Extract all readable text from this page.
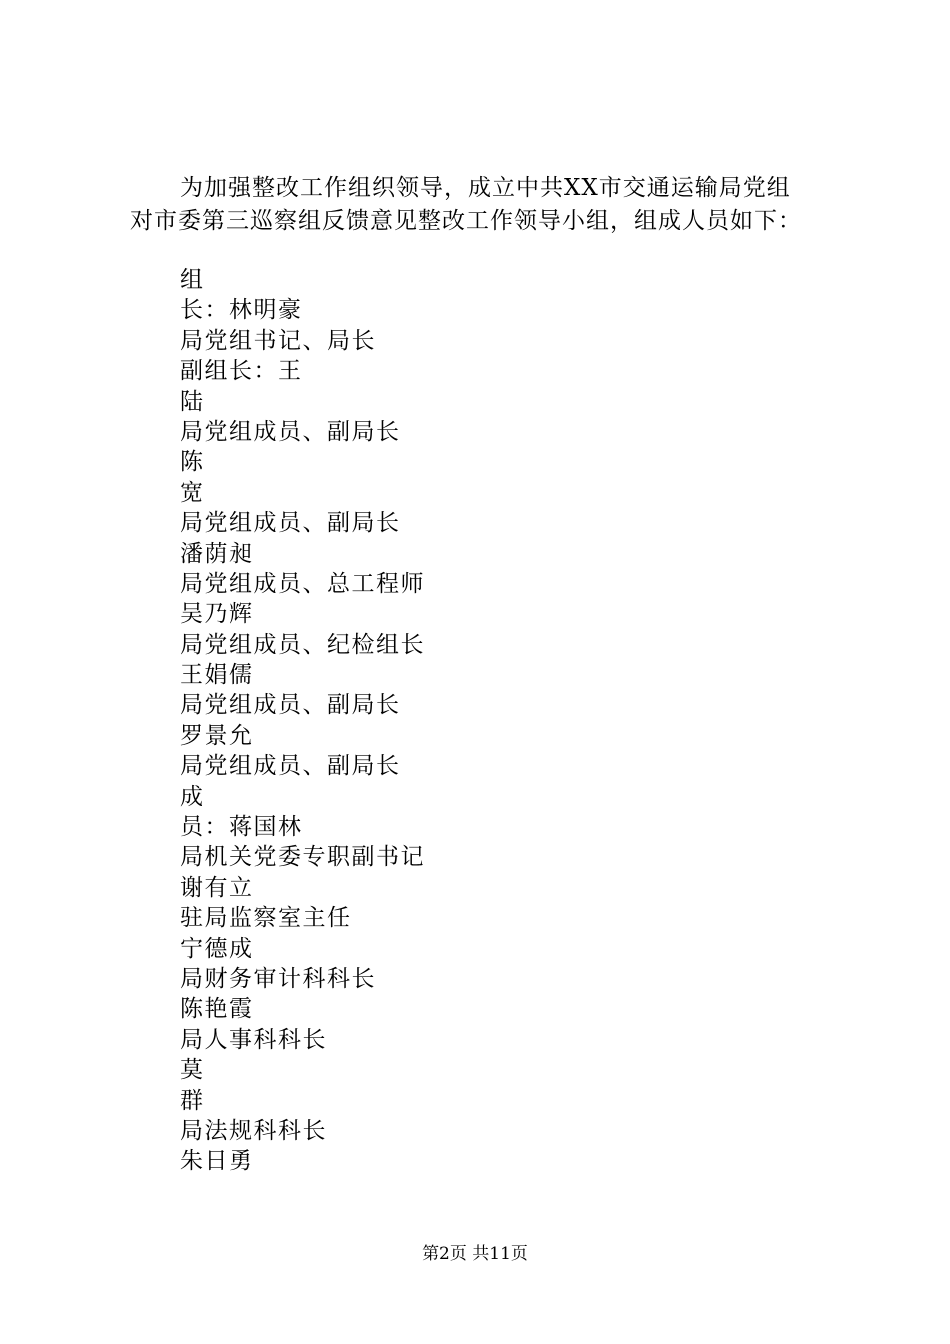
为加强整改工作组织领导，成立中共XX市交通运输局党组
对市委第三巡察组反馈意见整改工作领导小组，组成人员如下：
组
长：林明豪
局党组书记、局长
副组长：王
陆
局党组成员、副局长
陈
宽
局党组成员、副局长
潘荫昶
局党组成员、总工程师
吴乃辉
局党组成员、纪检组长
王娟儒
局党组成员、副局长
罗景允
局党组成员、副局长
成
员：蒋国林
局机关党委专职副书记
谢有立
驻局监察室主任
宁德成
局财务审计科科长
陈艳霞
局人事科科长
莫
群
局法规科科长
朱日勇
第2页 共11页
